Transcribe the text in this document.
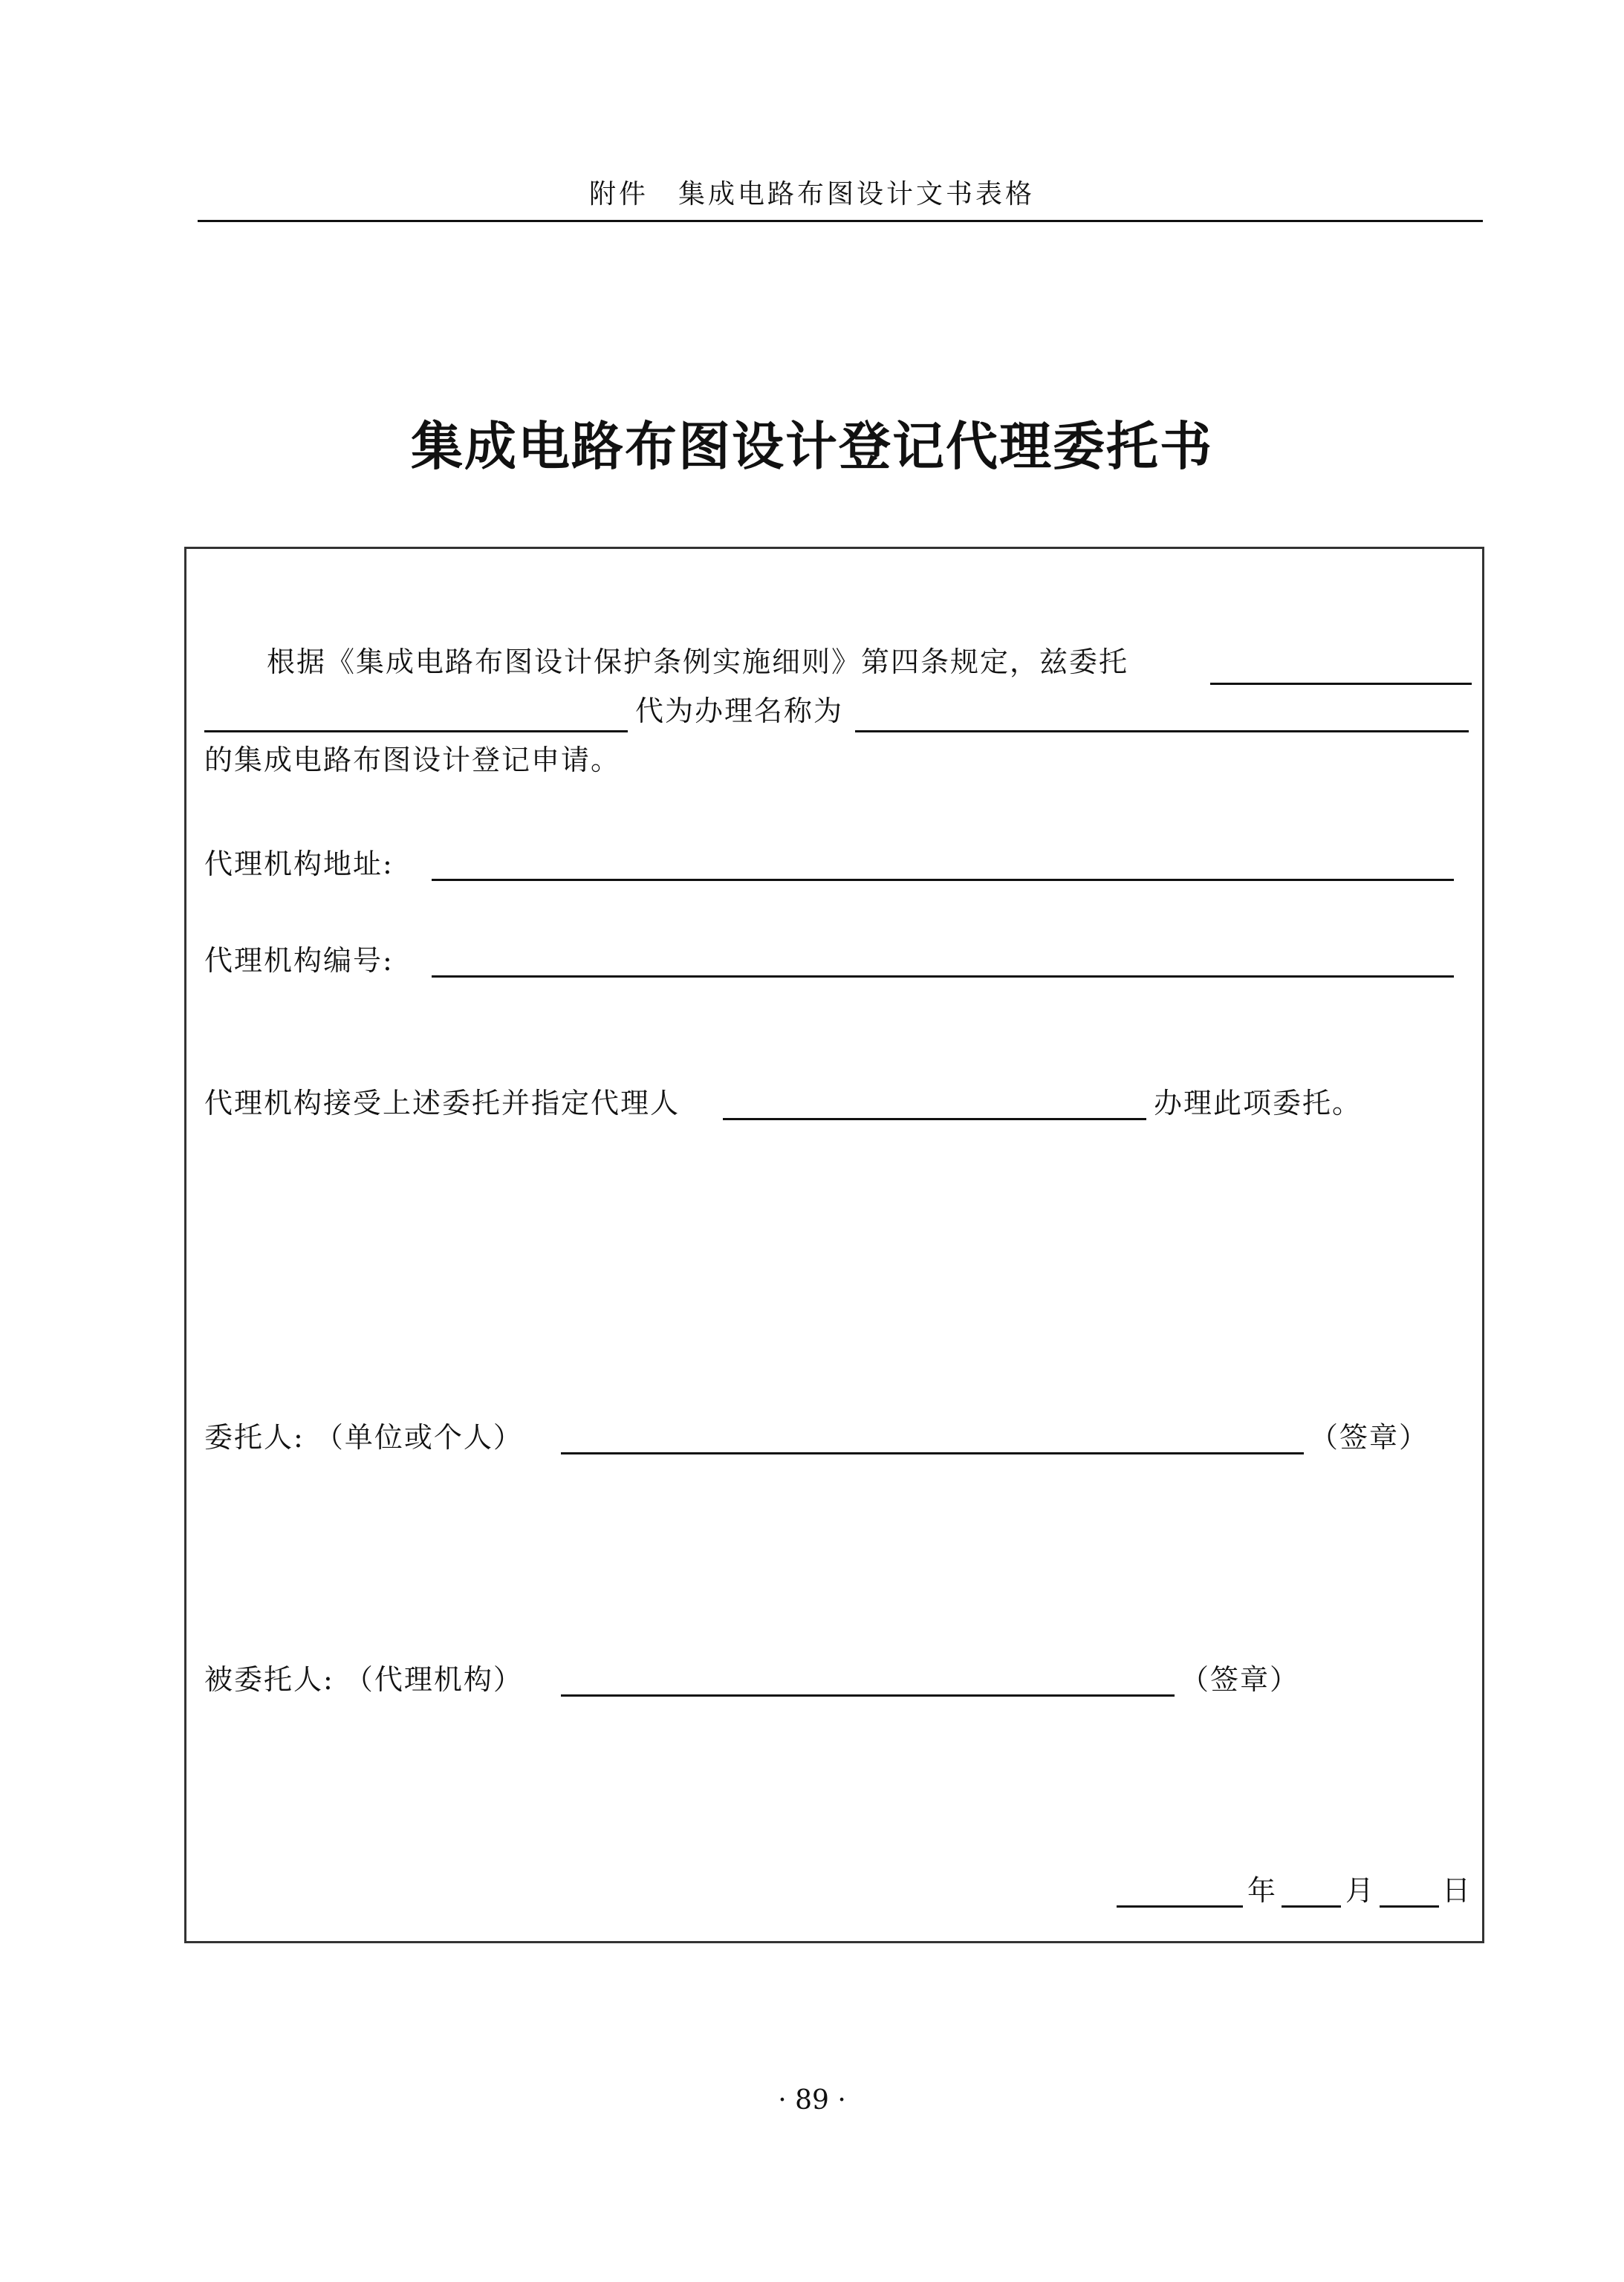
附件　集成电路布图设计文书表格
集成电路布图设计登记代理委托书
根据《集成电路布图设计保护条例实施细则》第四条规定，兹委托
代为办理名称为
的集成电路布图设计登记申请。
代理机构地址:
代理机构编号:
代理机构接受上述委托并指定代理人	办理此项委托。
委托人: （单位或个人）	（签章）
被委托人: （代理机构）	（签章）
年 月 日
· 89 ·
